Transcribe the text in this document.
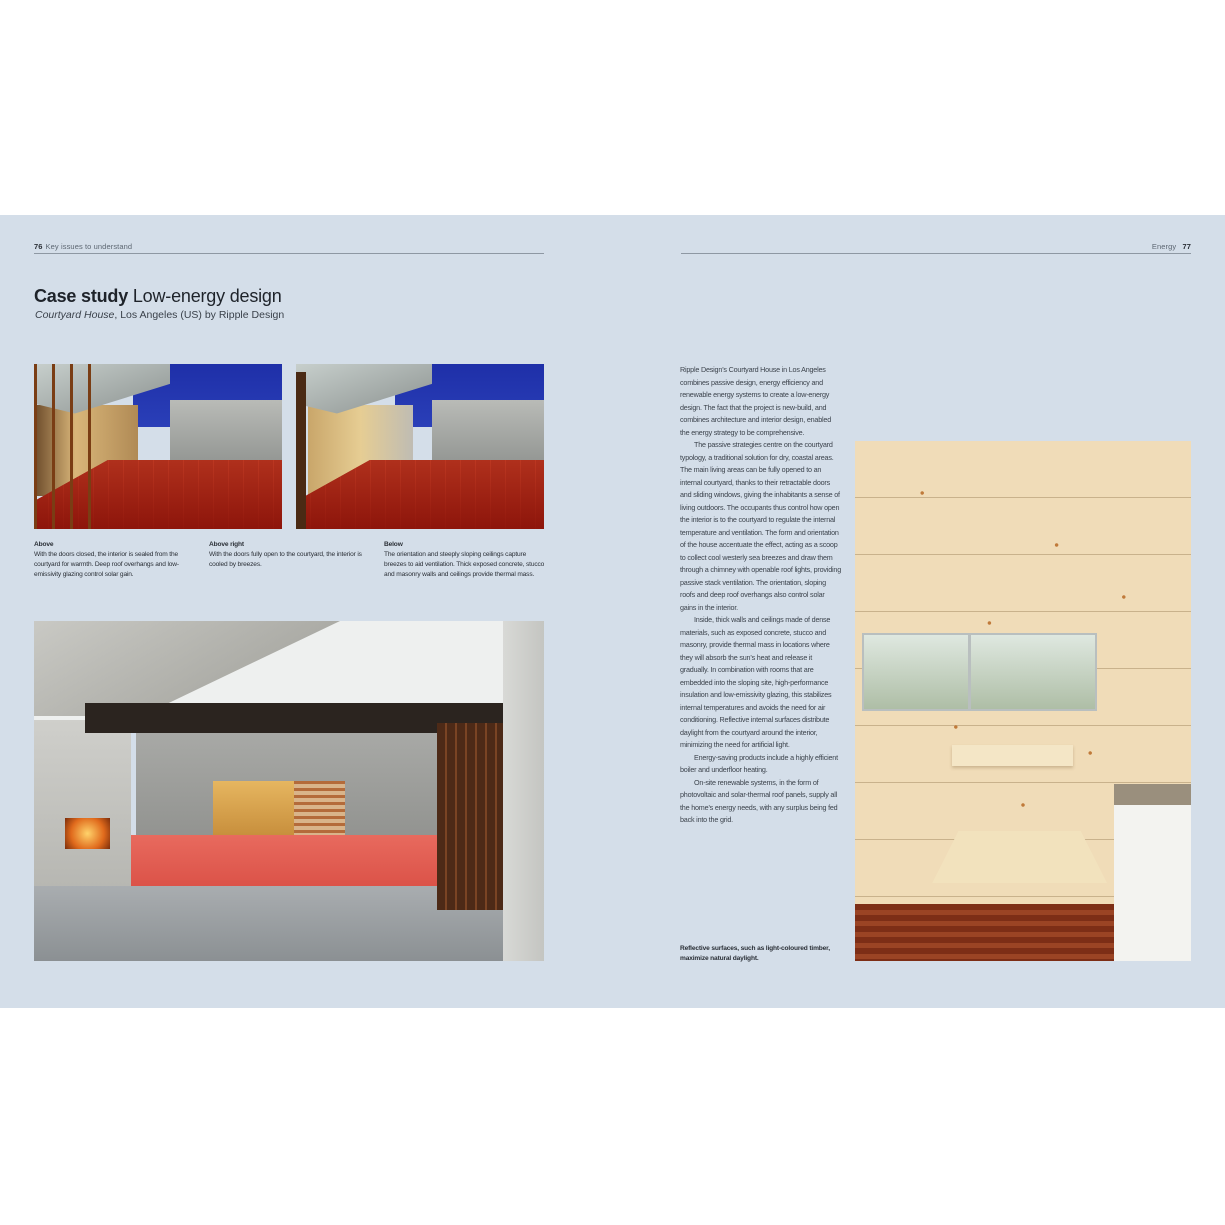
76 Key issues to understand
Case study Low-energy design
Courtyard House, Los Angeles (US) by Ripple Design
Above
With the doors closed, the interior is sealed from the courtyard for warmth. Deep roof overhangs and low-emissivity glazing control solar gain.
Above right
With the doors fully open to the courtyard, the interior is cooled by breezes.
Below
The orientation and steeply sloping ceilings capture breezes to aid ventilation. Thick exposed concrete, stucco and masonry walls and ceilings provide thermal mass.
Energy 77

Ripple Design’s Courtyard House in Los Angeles combines passive design, energy efficiency and renewable energy systems to create a low-energy design. The fact that the project is new-build, and combines architecture and interior design, enabled the energy strategy to be comprehensive.

The passive strategies centre on the courtyard typology, a traditional solution for dry, coastal areas. The main living areas can be fully opened to an internal courtyard, thanks to their retractable doors and sliding windows, giving the inhabitants a sense of living outdoors. The occupants thus control how open the interior is to the courtyard to regulate the internal temperature and ventilation. The form and orientation of the house accentuate the effect, acting as a scoop to collect cool westerly sea breezes and draw them through a chimney with openable roof lights, providing passive stack ventilation. The orientation, sloping roofs and deep roof overhangs also control solar gains in the interior.

Inside, thick walls and ceilings made of dense materials, such as exposed concrete, stucco and masonry, provide thermal mass in locations where they will absorb the sun’s heat and release it gradually. In combination with rooms that are embedded into the sloping site, high-performance insulation and low-emissivity glazing, this stabilizes internal temperatures and avoids the need for air conditioning. Reflective internal surfaces distribute daylight from the courtyard around the interior, minimizing the need for artificial light.

Energy-saving products include a highly efficient boiler and underfloor heating.

On-site renewable systems, in the form of photovoltaic and solar-thermal roof panels, supply all the home’s energy needs, with any surplus being fed back into the grid.

Reflective surfaces, such as light-coloured timber, maximize natural daylight.
